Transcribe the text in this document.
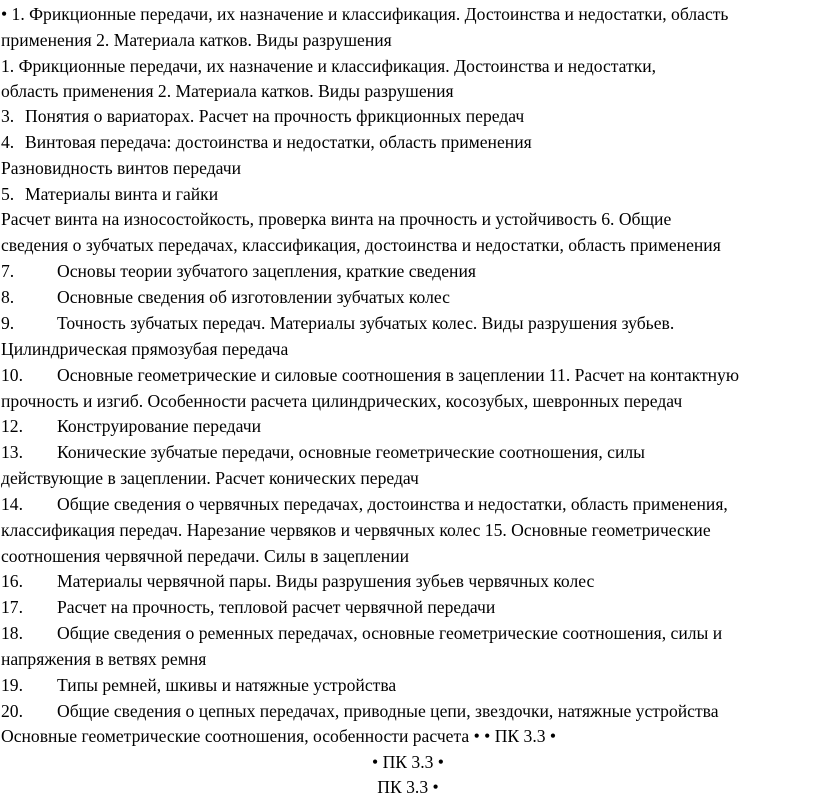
• 1. Фрикционные передачи, их назначение и классификация. Достоинства и недостатки, область
применения 2. Материала катков. Виды разрушения
1. Фрикционные передачи, их назначение и классификация. Достоинства и недостатки,
область применения 2. Материала катков. Виды разрушения
3. Понятия о вариаторах. Расчет на прочность фрикционных передач
4. Винтовая передача: достоинства и недостатки, область применения
Разновидность винтов передачи
5. Материалы винта и гайки
Расчет винта на износостойкость, проверка винта на прочность и устойчивость 6. Общие
сведения о зубчатых передачах, классификация, достоинства и недостатки, область применения
7. Основы теории зубчатого зацепления, краткие сведения
8. Основные сведения об изготовлении зубчатых колес
9. Точность зубчатых передач. Материалы зубчатых колес. Виды разрушения зубьев.
Цилиндрическая прямозубая передача
10. Основные геометрические и силовые соотношения в зацеплении 11. Расчет на контактную
прочность и изгиб. Особенности расчета цилиндрических, косозубых, шевронных передач
12. Конструирование передачи
13. Конические зубчатые передачи, основные геометрические соотношения, силы
действующие в зацеплении. Расчет конических передач
14. Общие сведения о червячных передачах, достоинства и недостатки, область применения,
классификация передач. Нарезание червяков и червячных колес 15. Основные геометрические
соотношения червячной передачи. Силы в зацеплении
16. Материалы червячной пары. Виды разрушения зубьев червячных колес
17. Расчет на прочность, тепловой расчет червячной передачи
18. Общие сведения о ременных передачах, основные геометрические соотношения, силы и
напряжения в ветвях ремня
19. Типы ремней, шкивы и натяжные устройства
20. Общие сведения о цепных передачах, приводные цепи, звездочки, натяжные устройства
Основные геометрические соотношения, особенности расчета • • ПК 3.3 •
• ПК 3.3 •
ПК 3.3 •
